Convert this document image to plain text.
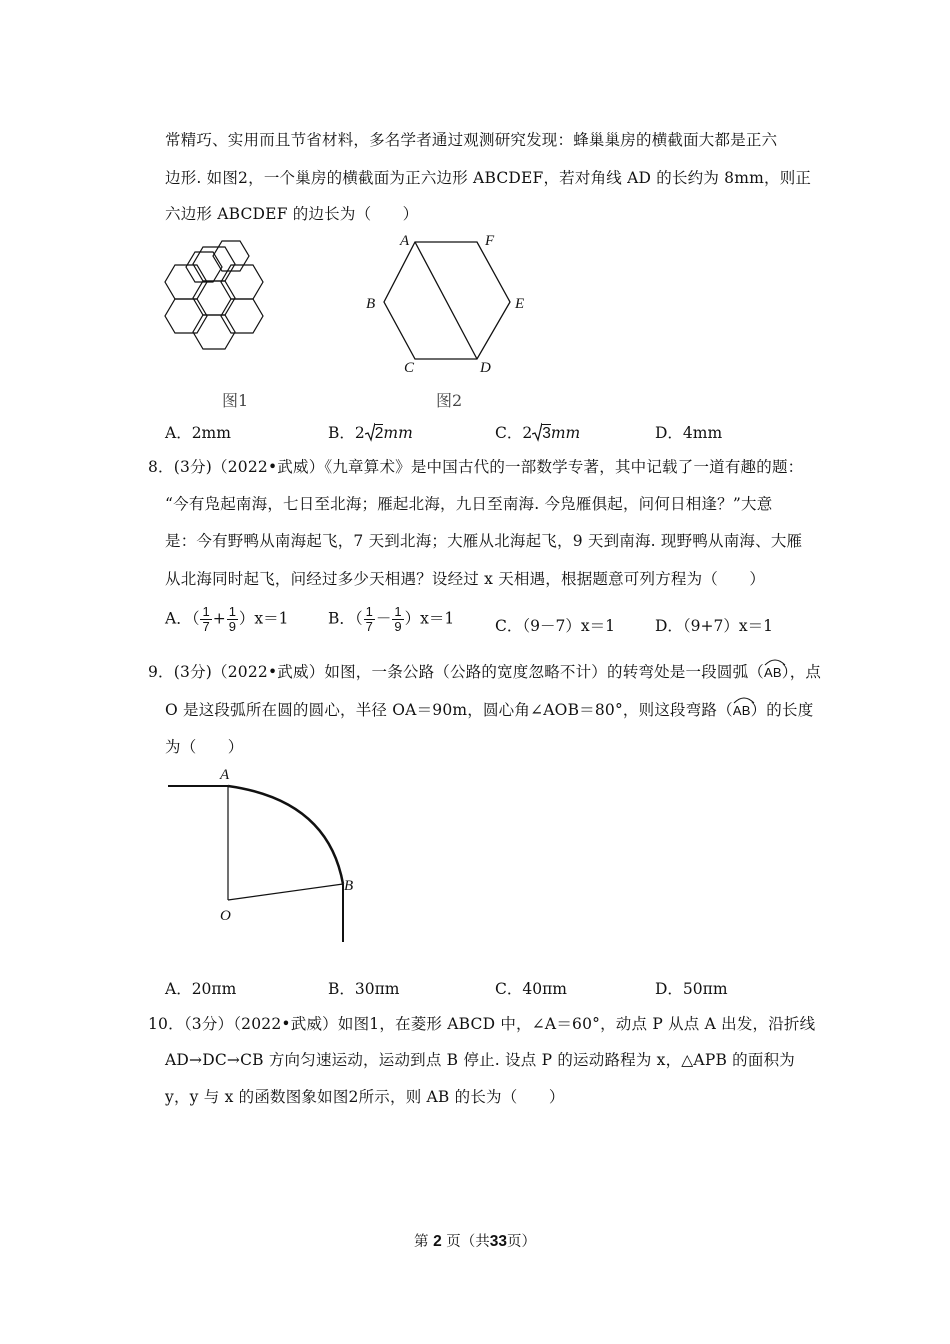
常精巧、实用而且节省材料，多名学者通过观测研究发现：蜂巢巢房的横截面大都是正六
边形. 如图2，一个巢房的横截面为正六边形 ABCDEF，若对角线 AD 的长约为 8mm，则正
六边形 ABCDEF 的边长为（　　）
图1
A	F
E
D
C
B
图2
A．2mm	B．2 2mm	C．2 3mm	D．4mm
8．(3分)（2022•武威）《九章算术》是中国古代的一部数学专著，其中记载了一道有趣的题：
“今有凫起南海，七日至北海；雁起北海，九日至南海. 今凫雁俱起，问何日相逢？”大意
是：今有野鸭从南海起飞，7 天到北海；大雁从北海起飞，9 天到南海. 现野鸭从南海、大雁
从北海同时起飞，问经过多少天相遇？设经过 x 天相遇，根据题意可列方程为（　　）
A．（ $\frac{1}{7} + \frac{1}{9} )x=1$	B．（ $\frac{1}{7} - \frac{1}{9} )x=1$	C．（9－7）x＝1	D．（9+7）x＝1
9．(3分)（2022•武威）如图，一条公路（公路的宽度忽略不计）的转弯处是一段圆弧（
AB），点
O 是这段弧所在圆的圆心，半径 OA＝90m，圆心角∠AOB＝80°，则这段弯路（
AB）的长度
为（　　）
A
B
O
A．20πm	B．30πm	C．40πm	D．50πm
10．（3分）（2022•武威）如图1，在菱形 ABCD 中，∠A＝60°，动点 P 从点 A 出发，沿折线
AD→DC→CB 方向匀速运动，运动到点 B 停止. 设点 P 的运动路程为 x，△APB 的面积为
y，y 与 x 的函数图象如图2所示，则 AB 的长为（　　）
第 2 页（共33页）
